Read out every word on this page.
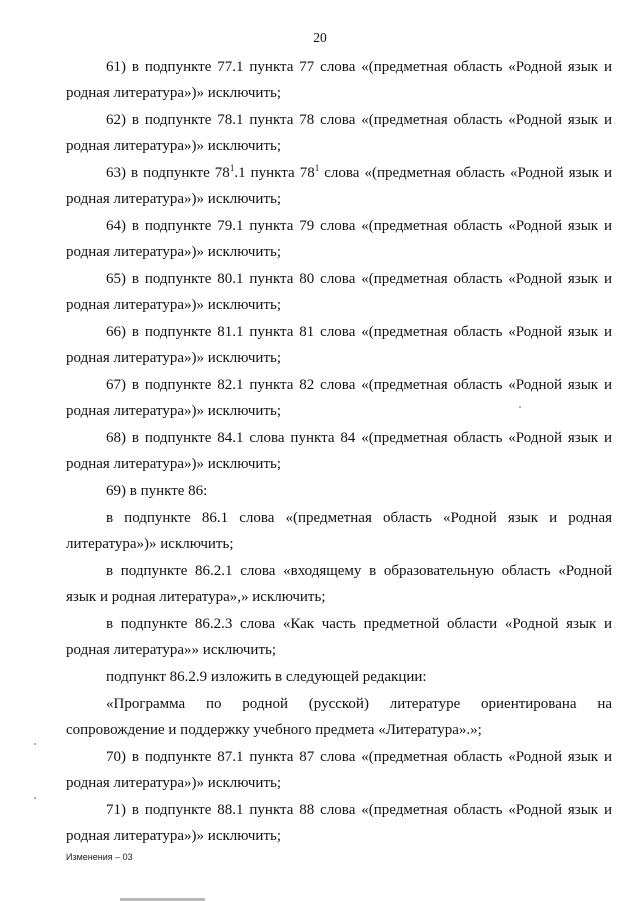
20

61) в подпункте 77.1 пункта 77 слова «(предметная область «Родной язык и родная литература»)» исключить;

62) в подпункте 78.1 пункта 78 слова «(предметная область «Родной язык и родная литература»)» исключить;

63) в подпункте $78^1.1$ пункта $78^1$ слова «(предметная область «Родной язык и родная литература»)» исключить;

64) в подпункте 79.1 пункта 79 слова «(предметная область «Родной язык и родная литература»)» исключить;

65) в подпункте 80.1 пункта 80 слова «(предметная область «Родной язык и родная литература»)» исключить;

66) в подпункте 81.1 пункта 81 слова «(предметная область «Родной язык и родная литература»)» исключить;

67) в подпункте 82.1 пункта 82 слова «(предметная область «Родной язык и родная литература»)» исключить;

68) в подпункте 84.1 слова пункта 84 «(предметная область «Родной язык и родная литература»)» исключить;

69) в пункте 86:

в подпункте 86.1 слова «(предметная область «Родной язык и родная литература»)» исключить;

в подпункте 86.2.1 слова «входящему в образовательную область «Родной язык и родная литература»,» исключить;

в подпункте 86.2.3 слова «Как часть предметной области «Родной язык и родная литература»» исключить;

подпункт 86.2.9 изложить в следующей редакции:

«Программа по родной (русской) литературе ориентирована на сопровождение и поддержку учебного предмета «Литература».»;

70) в подпункте 87.1 пункта 87 слова «(предметная область «Родной язык и родная литература»)» исключить;

71) в подпункте 88.1 пункта 88 слова «(предметная область «Родной язык и родная литература»)» исключить;

Изменения – 03
